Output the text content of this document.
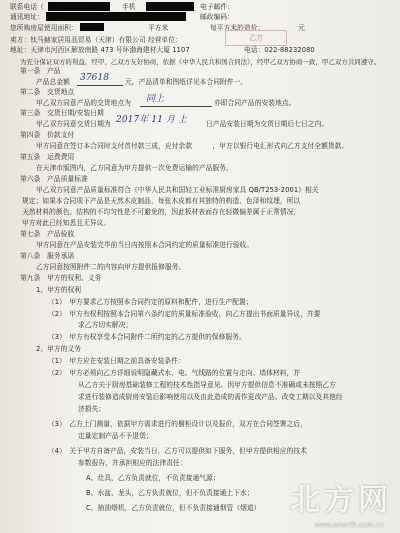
联系电话（	手机	电子邮件：
通讯地址：	邮政编码：
您所购房屋使用面积：	平方米	每平方米的造价：	元
卖方：钛马赫家居用品贸易（天津）有限公司 经营单位：	乙方
地址：天津市河西区解放南路 473 号环渤海建材大厦 1107	电话：022-88232080
为充分保证双方的利益，经甲、乙双方友好协商，依据《中华人民共和国合同法》，经甲乙双方协商一致，甲乙双方共同遵守。
第一条　产品
产品总金额 37618 元，产品清单和图纸详见本合同附件一。
第二条　交货地点
甲乙双方同意产品的交货地点为 同上	亦即合同产品的安装地点。
第三条　交货日期/安装日期
甲乙双方同意交货日期为 2017年 11 月 上	日产品安装日期为交货日期后七日之内。
第四条　价款支付
甲方同意在签订本合同时支付首付款三成，应付余款　　　，甲方以银行电汇形式向乙方支付全额货款。
第五条　运费费用
在天津市版图内，乙方同意为甲方提供一次免费运输的产品服务。
第六条　产品质量标准
甲乙双方同意产品质量标准符合《中华人民共和国轻工业标准厨房家具 QB/T253-2001》相关
规定；如果本合同项下产品是天然木皮制品，每张木皮都有其独特的构造、色泽和纹理，所以
天然材料的颜色、结构的不均匀性是不可避免的，因此板材表面存在轻微偏差属于正常情况，
甲方对此已经知悉且无异议。
第七条　产品验收
甲方同意在产品安装完毕前当日内按照本合同约定的质量标准进行验收。
第八条　服务承诺
乙方同意按照附件二的内容向甲方提供报修服务。
第九条　甲方的权利、义务
1、甲方的权利
（1）　甲方要求乙方按照本合同约定的原料和配件，进行生产配置；
（2）　甲方有权利按照本合同第六条约定的质量标准验收，向乙方提出书面质量异议，并要
求乙方切实解决；
（3）　甲方有权享受本合同附件二所约定的乙方提供的保修服务。
2、甲方的义务
（1）　甲方应在安装日期之前具备安装条件：
（2）　甲方必须向乙方详细说明隐藏式水、电、气线路的位置与走向、墙体材料，并
从乙方关于厨房基础装修工程的技术性指导意见。因甲方提供信息不准确或未按照乙方
求进行装修造成厨房安装后影响使用以及由此造成的需作更改产品、改变工期以及其他经
济损失；
（3）　乙方上门测量，依据甲方需求进行的橱柜设计以及报价，双方在合同签署之后，
定量定制产品不予退货；
（4）　关于甲方自备产品，安装当日，乙方可以提供如下服务，但甲方提供相应的技术
参数报告，并承担相应的法律责任：
A、灶具，乙方负责就位，不负责接通气源；
B、水盆、龙头，乙方负责就位，但不负责接通上下水；
C、抽油烟机，乙方负责就位，但不负责接通烟管（烟道） 北方网
www.enorth.com.cn
